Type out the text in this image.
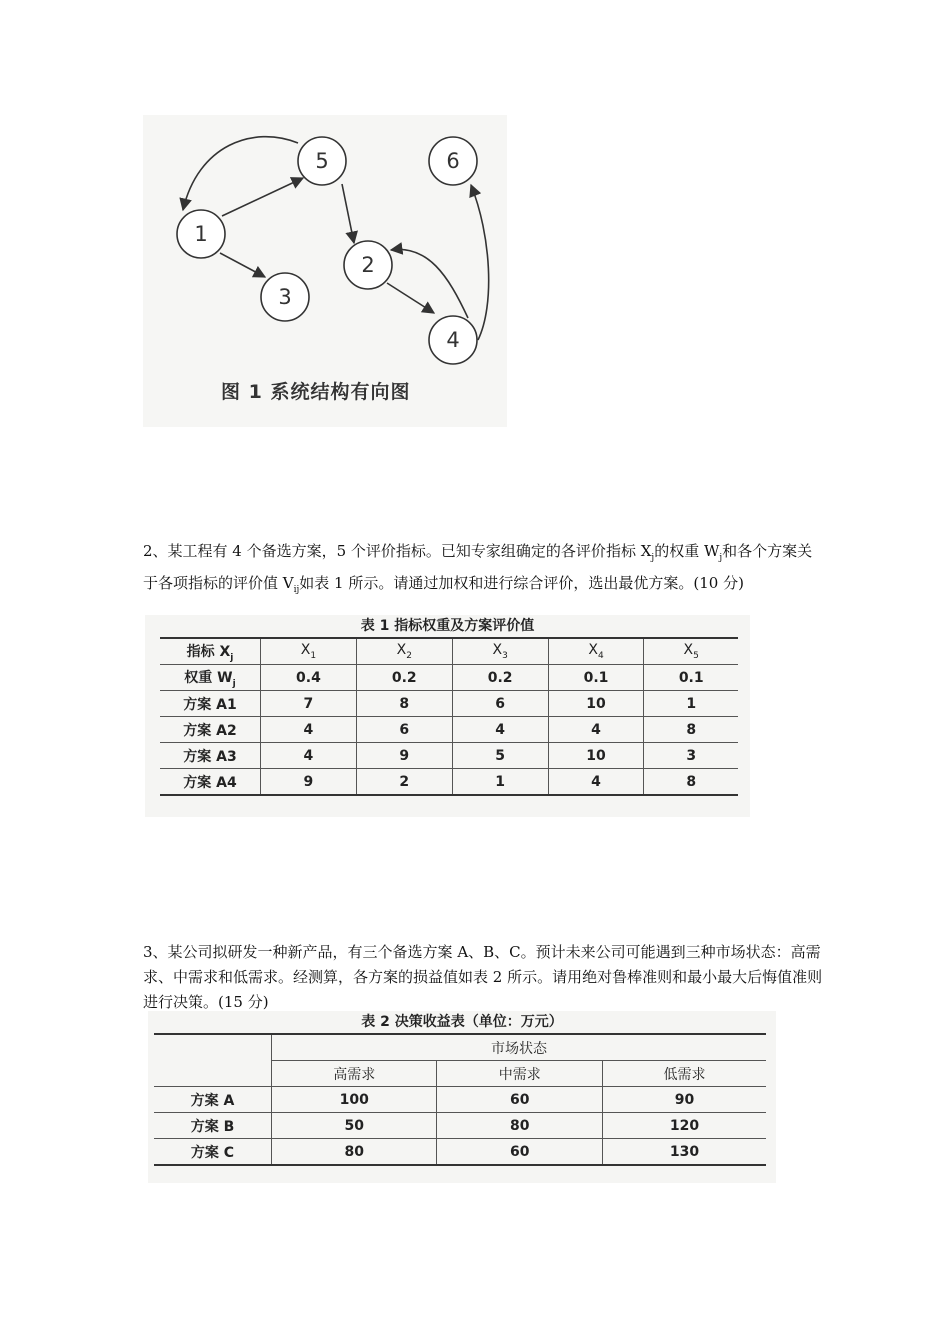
1
2
3
4
5	6
图 1 系统结构有向图

2、某工程有 4 个备选方案，5 个评价指标。已知专家组确定的各评价指标 $X_j$的权重 $W_j$和各个方案关于各项指标的评价值 $V_{ij}$如表 1 所示。请通过加权和进行综合评价，选出最优方案。(10 分)

表 1 指标权重及方案评价值
指标 $X_j$	$X_1$	$X_2$	$X_3$	$X_4$	$X_5$
权重 $W_j$	0.4	0.2	0.2	0.1	0.1
方案 A1	7	8	6	10	1
方案 A2	4	6	4	4	8
方案 A3	4	9	5	10	3
方案 A4	9	2	1	4	8

3、某公司拟研发一种新产品，有三个备选方案 A、B、C。预计未来公司可能遇到三种市场状态：高需求、中需求和低需求。经测算，各方案的损益值如表 2 所示。请用绝对鲁棒准则和最小最大后悔值准则进行决策。(15 分)

表 2 决策收益表（单位：万元）
	市场状态		
	高需求	中需求	低需求
方案 A	100	60	90
方案 B	50	80	120
方案 C	80	60	130
